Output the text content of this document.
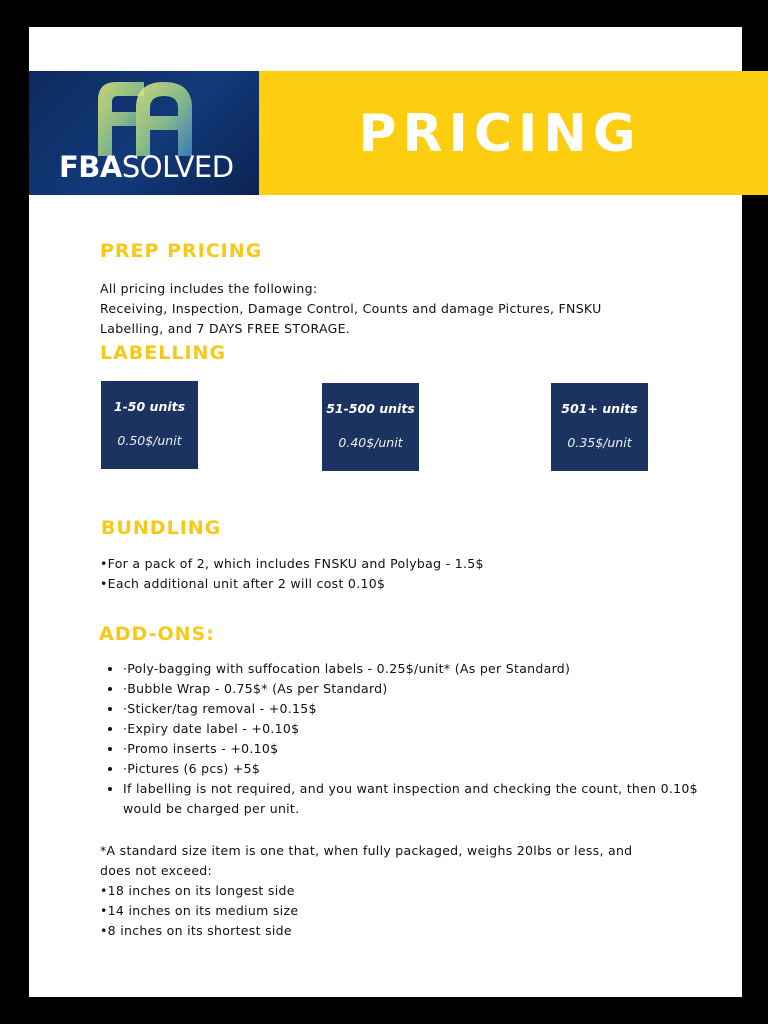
FBASOLVED
PRICING
PREP PRICING
All pricing includes the following:
Receiving, Inspection, Damage Control, Counts and damage Pictures, FNSKU
Labelling, and 7 DAYS FREE STORAGE.
LABELLING
1-50 units
0.50$/unit
51-500 units
0.40$/unit
501+ units
0.35$/unit
BUNDLING
•For a pack of 2, which includes FNSKU and Polybag - 1.5$
•Each additional unit after 2 will cost 0.10$
ADD-ONS:
• ·Poly-bagging with suffocation labels - 0.25$/unit* (As per Standard)
• ·Bubble Wrap - 0.75$* (As per Standard)
• ·Sticker/tag removal - +0.15$
• ·Expiry date label - +0.10$
• ·Promo inserts - +0.10$
• ·Pictures (6 pcs) +5$
• If labelling is not required, and you want inspection and checking the count, then 0.10$ would be charged per unit.
*A standard size item is one that, when fully packaged, weighs 20lbs or less, and
does not exceed:
•18 inches on its longest side
•14 inches on its medium size
•8 inches on its shortest side
